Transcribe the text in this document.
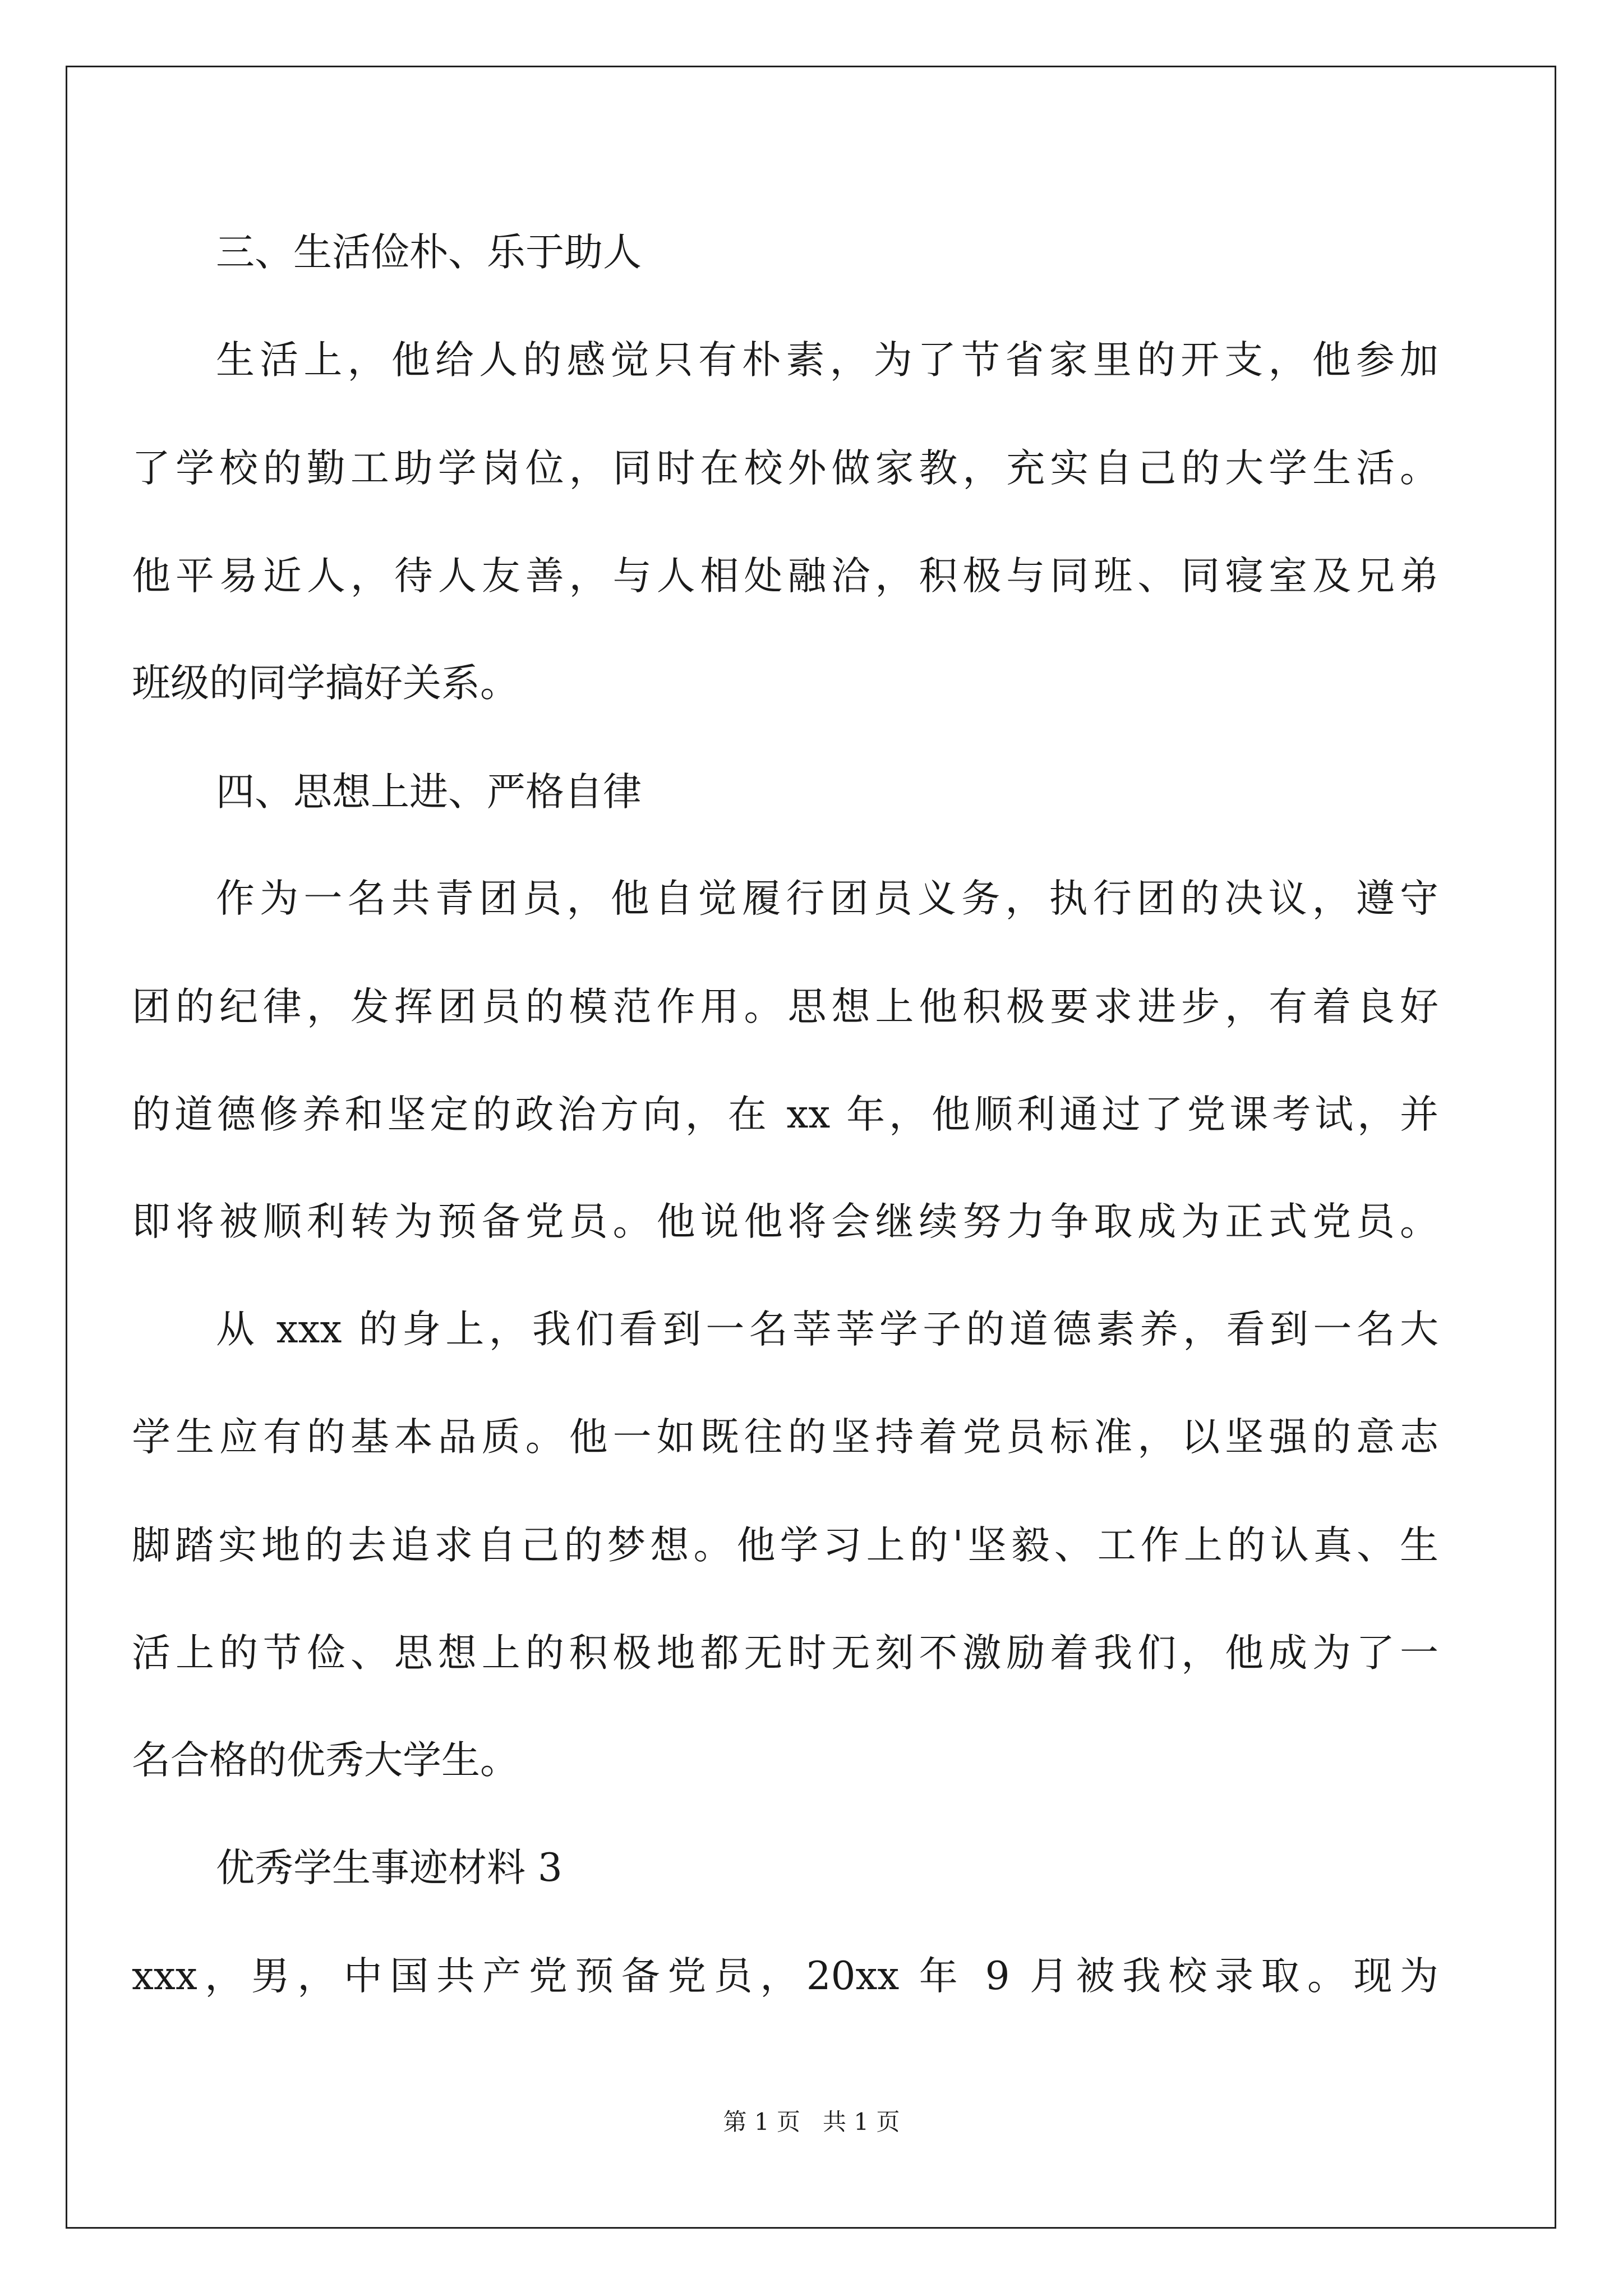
三、生活俭朴、乐于助人
生活上，他给人的感觉只有朴素，为了节省家里的开支，他参加
了学校的勤工助学岗位，同时在校外做家教，充实自己的大学生活。
他平易近人，待人友善，与人相处融洽，积极与同班、同寝室及兄弟
班级的同学搞好关系。
四、思想上进、严格自律
作为一名共青团员，他自觉履行团员义务，执行团的决议，遵守
团的纪律，发挥团员的模范作用。思想上他积极要求进步，有着良好
的道德修养和坚定的政治方向，在 xx 年，他顺利通过了党课考试，并
即将被顺利转为预备党员。他说他将会继续努力争取成为正式党员。
从 xxx 的身上，我们看到一名莘莘学子的道德素养，看到一名大
学生应有的基本品质。他一如既往的坚持着党员标准，以坚强的意志
脚踏实地的去追求自己的梦想。他学习上的'坚毅、工作上的认真、生
活上的节俭、思想上的积极地都无时无刻不激励着我们，他成为了一
名合格的优秀大学生。
优秀学生事迹材料 3
xxx，男，中国共产党预备党员，20xx 年 9 月被我校录取。现为
第 1 页   共 1 页
